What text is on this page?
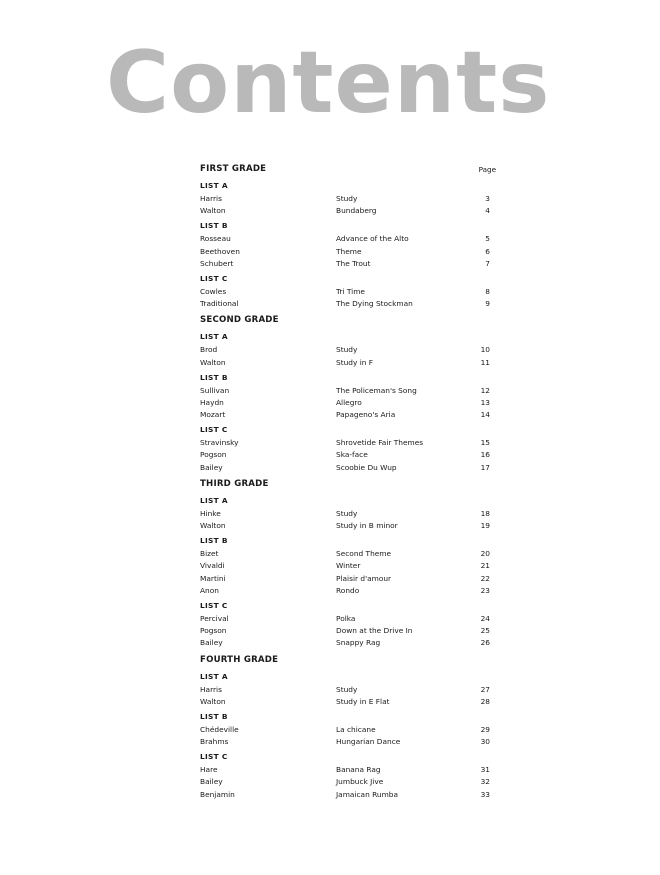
Contents
FIRST GRADE	Page
LIST A
Harris	Study	3
Walton	Bundaberg	4
LIST B
Rosseau	Advance of the Alto	5
Beethoven	Theme	6
Schubert	The Trout	7
LIST C
Cowles	Tri Time	8
Traditional	The Dying Stockman	9
SECOND GRADE
LIST A
Brod	Study	10
Walton	Study in F	11
LIST B
Sullivan	The Policeman's Song	12
Haydn	Allegro	13
Mozart	Papageno's Aria	14
LIST C
Stravinsky	Shrovetide Fair Themes	15
Pogson	Ska-face	16
Bailey	Scoobie Du Wup	17
THIRD GRADE
LIST A
Hinke	Study	18
Walton	Study in B minor	19
LIST B
Bizet	Second Theme	20
Vivaldi	Winter	21
Martini	Plaisir d'amour	22
Anon	Rondo	23
LIST C
Percival	Polka	24
Pogson	Down at the Drive In	25
Bailey	Snappy Rag	26
FOURTH GRADE
LIST A
Harris	Study	27
Walton	Study in E Flat	28
LIST B
Chédeville	La chicane	29
Brahms	Hungarian Dance	30
LIST C
Hare	Banana Rag	31
Bailey	Jumbuck Jive	32
Benjamin	Jamaican Rumba	33
